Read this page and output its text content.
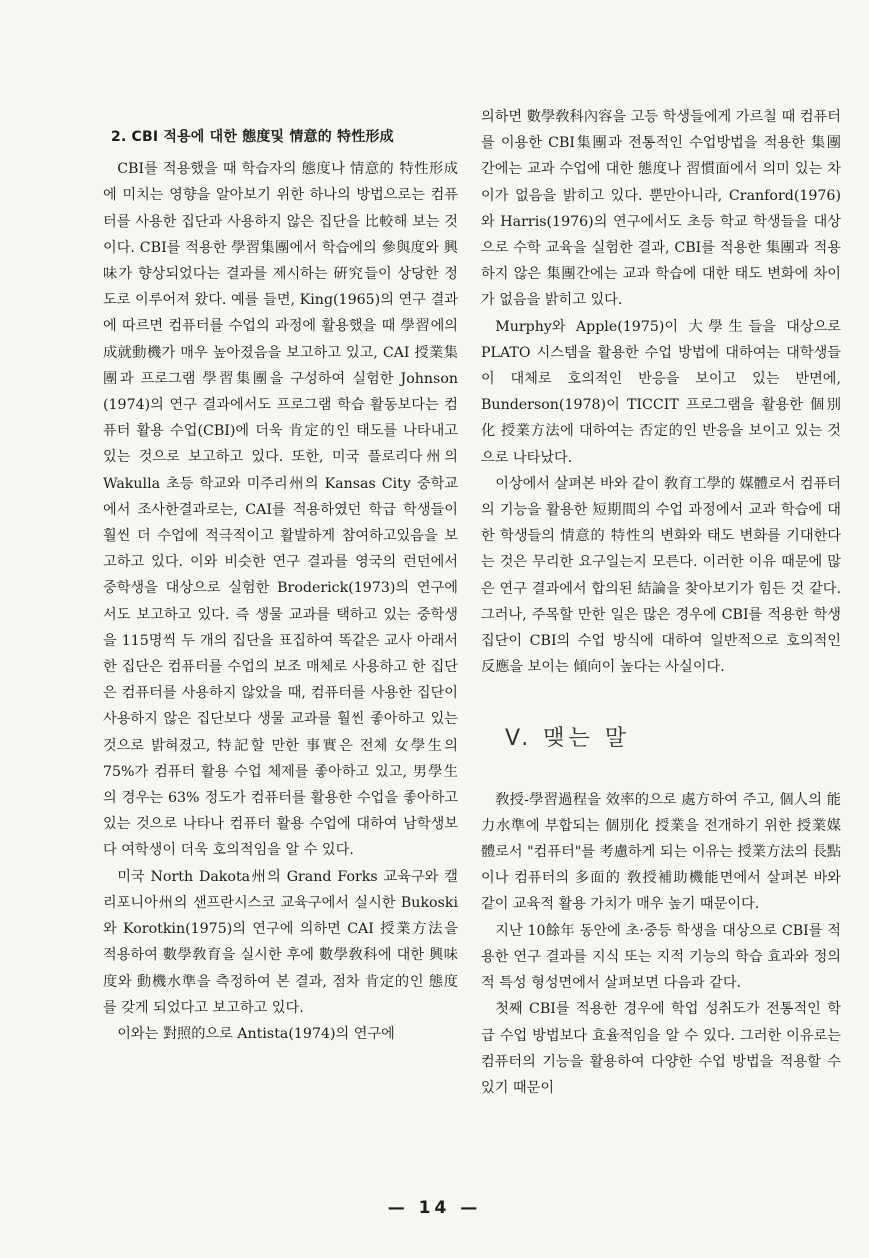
2. CBI 적용에 대한 態度및 情意的 特性形成

CBI를 적용했을 때 학습자의 態度나 情意的 特性形成에 미치는 영향을 알아보기 위한 하나의 방법으로는 컴퓨터를 사용한 집단과 사용하지 않은 집단을 比較해 보는 것이다. CBI를 적용한 學習集團에서 학습에의 參與度와 興味가 향상되었다는 결과를 제시하는 硏究들이 상당한 정도로 이루어져 왔다. 예를 들면, King(1965)의 연구 결과에 따르면 컴퓨터를 수업의 과정에 활용했을 때 學習에의 成就動機가 매우 높아졌음을 보고하고 있고, CAI 授業集團과 프로그램 學習集團을 구성하여 실험한 Johnson (1974)의 연구 결과에서도 프로그램 학습 활동보다는 컴퓨터 활용 수업(CBI)에 더욱 肯定的인 태도를 나타내고 있는 것으로 보고하고 있다. 또한, 미국 플로리다州의 Wakulla 초등 학교와 미주리州의 Kansas City 중학교에서 조사한결과로는, CAI를 적용하였던 학급 학생들이 훨씬 더 수업에 적극적이고 활발하게 참여하고있음을 보고하고 있다. 이와 비슷한 연구 결과를 영국의 런던에서 중학생을 대상으로 실험한 Broderick(1973)의 연구에서도 보고하고 있다. 즉 생물 교과를 택하고 있는 중학생을 115명씩 두 개의 집단을 표집하여 똑같은 교사 아래서 한 집단은 컴퓨터를 수업의 보조 매체로 사용하고 한 집단은 컴퓨터를 사용하지 않았을 때, 컴퓨터를 사용한 집단이 사용하지 않은 집단보다 생물 교과를 훨씬 좋아하고 있는 것으로 밝혀졌고, 特記할 만한 事實은 전체 女學生의 75%가 컴퓨터 활용 수업 체제를 좋아하고 있고, 男學生의 경우는 63% 정도가 컴퓨터를 활용한 수업을 좋아하고 있는 것으로 나타나 컴퓨터 활용 수업에 대하여 남학생보다 여학생이 더욱 호의적임을 알 수 있다.

미국 North Dakota州의 Grand Forks 교육구와 캘리포니아州의 샌프란시스코 교육구에서 실시한 Bukoski와 Korotkin(1975)의 연구에 의하면 CAI 授業方法을 적용하여 數學敎育을 실시한 후에 數學敎科에 대한 興味度와 動機水準을 측정하여 본 결과, 점차 肯定的인 態度를 갖게 되었다고 보고하고 있다.

이와는 對照的으로 Antista(1974)의 연구에

의하면 數學敎科內容을 고등 학생들에게 가르칠 때 컴퓨터를 이용한 CBI集團과 전통적인 수업방법을 적용한 集團 간에는 교과 수업에 대한 態度나 習慣面에서 의미 있는 차이가 없음을 밝히고 있다. 뿐만아니라, Cranford(1976)와 Harris(1976)의 연구에서도 초등 학교 학생들을 대상으로 수학 교육을 실험한 결과, CBI를 적용한 集團과 적용하지 않은 集團간에는 교과 학습에 대한 태도 변화에 차이가 없음을 밝히고 있다.

Murphy와 Apple(1975)이 大學生들을 대상으로 PLATO 시스템을 활용한 수업 방법에 대하여는 대학생들이 대체로 호의적인 반응을 보이고 있는 반면에, Bunderson(1978)이 TICCIT 프로그램을 활용한 個別化 授業方法에 대하여는 否定的인 반응을 보이고 있는 것으로 나타났다.

이상에서 살펴본 바와 같이 敎育工學的 媒體로서 컴퓨터의 기능을 활용한 短期間의 수업 과정에서 교과 학습에 대한 학생들의 情意的 特性의 변화와 태도 변화를 기대한다는 것은 무리한 요구일는지 모른다. 이러한 이유 때문에 많은 연구 결과에서 합의된 結論을 찾아보기가 힘든 것 같다. 그러나, 주목할 만한 일은 많은 경우에 CBI를 적용한 학생 집단이 CBI의 수업 방식에 대하여 일반적으로 호의적인 反應을 보이는 傾向이 높다는 사실이다.

V. 맺는 말

敎授-學習過程을 效率的으로 處方하여 주고, 個人의 能力水準에 부합되는 個別化 授業을 전개하기 위한 授業媒體로서 "컴퓨터"를 考慮하게 되는 이유는 授業方法의 長點이나 컴퓨터의 多面的 敎授補助機能면에서 살펴본 바와 같이 교육적 활용 가치가 매우 높기 때문이다.

지난 10餘年 동안에 초·중등 학생을 대상으로 CBI를 적용한 연구 결과를 지식 또는 지적 기능의 학습 효과와 정의적 특성 형성면에서 살펴보면 다음과 같다.

첫째 CBI를 적용한 경우에 학업 성취도가 전통적인 학급 수업 방법보다 효율적임을 알 수 있다. 그러한 이유로는 컴퓨터의 기능을 활용하여 다양한 수업 방법을 적용할 수 있기 때문이

— 14 —
